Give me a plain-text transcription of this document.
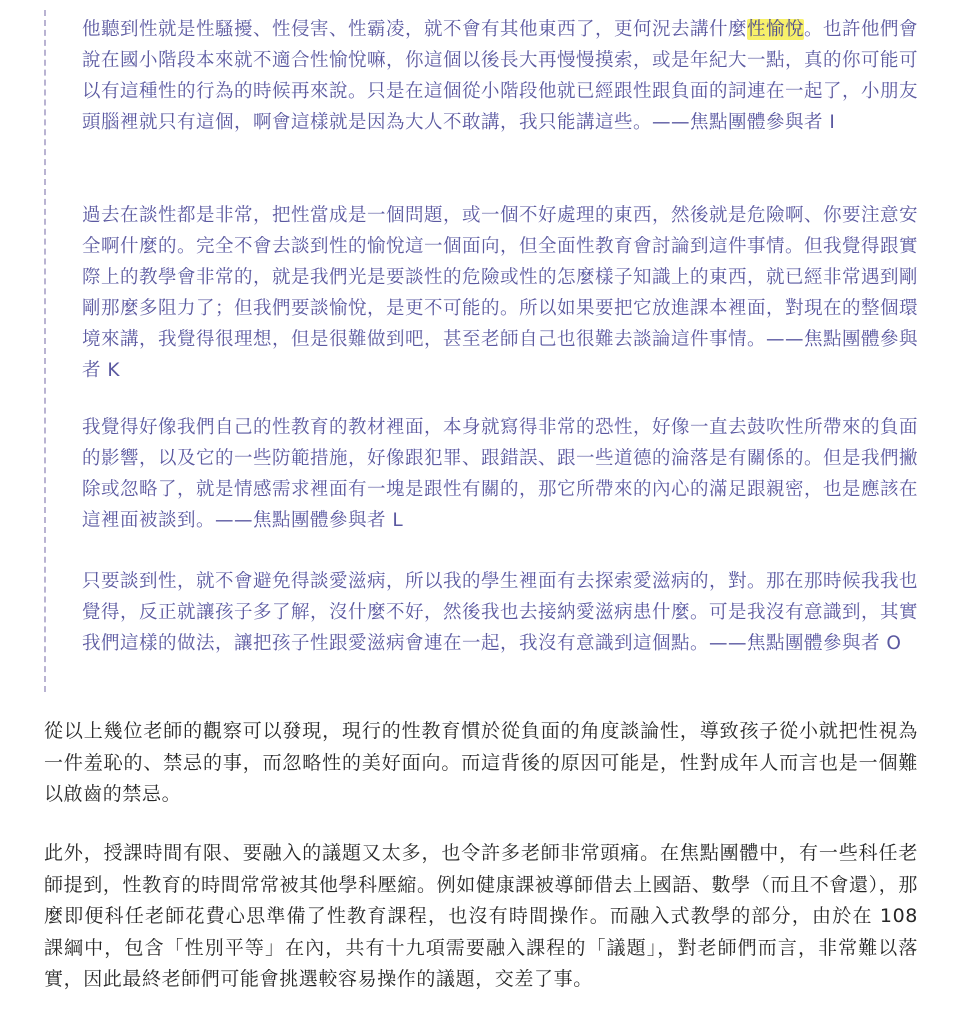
他聽到性就是性騷擾、性侵害、性霸凌，就不會有其他東西了，更何況去講什麼性愉悅。也許他們會說在國小階段本來就不適合性愉悅嘛，你這個以後長大再慢慢摸索，或是年紀大一點，真的你可能可以有這種性的行為的時候再來說。只是在這個從小階段他就已經跟性跟負面的詞連在一起了，小朋友頭腦裡就只有這個，啊會這樣就是因為大人不敢講，我只能講這些。——焦點團體參與者 I

過去在談性都是非常，把性當成是一個問題，或一個不好處理的東西，然後就是危險啊、你要注意安全啊什麼的。完全不會去談到性的愉悅這一個面向，但全面性教育會討論到這件事情。但我覺得跟實際上的教學會非常的，就是我們光是要談性的危險或性的怎麼樣子知識上的東西，就已經非常遇到剛剛那麼多阻力了；但我們要談愉悅，是更不可能的。所以如果要把它放進課本裡面，對現在的整個環境來講，我覺得很理想，但是很難做到吧，甚至老師自己也很難去談論這件事情。——焦點團體參與者 K

我覺得好像我們自己的性教育的教材裡面，本身就寫得非常的恐性，好像一直去鼓吹性所帶來的負面的影響，以及它的一些防範措施，好像跟犯罪、跟錯誤、跟一些道德的淪落是有關係的。但是我們撇除或忽略了，就是情感需求裡面有一塊是跟性有關的，那它所帶來的內心的滿足跟親密，也是應該在這裡面被談到。——焦點團體參與者 L

只要談到性，就不會避免得談愛滋病，所以我的學生裡面有去探索愛滋病的，對。那在那時候我我也覺得，反正就讓孩子多了解，沒什麼不好，然後我也去接納愛滋病患什麼。可是我沒有意識到，其實我們這樣的做法，讓把孩子性跟愛滋病會連在一起，我沒有意識到這個點。——焦點團體參與者 O

從以上幾位老師的觀察可以發現，現行的性教育慣於從負面的角度談論性，導致孩子從小就把性視為一件羞恥的、禁忌的事，而忽略性的美好面向。而這背後的原因可能是，性對成年人而言也是一個難以啟齒的禁忌。

此外，授課時間有限、要融入的議題又太多，也令許多老師非常頭痛。在焦點團體中，有一些科任老師提到，性教育的時間常常被其他學科壓縮。例如健康課被導師借去上國語、數學（而且不會還），那麼即便科任老師花費心思準備了性教育課程，也沒有時間操作。而融入式教學的部分，由於在 108 課綱中，包含「性別平等」在內，共有十九項需要融入課程的「議題」，對老師們而言，非常難以落實，因此最終老師們可能會挑選較容易操作的議題，交差了事。
